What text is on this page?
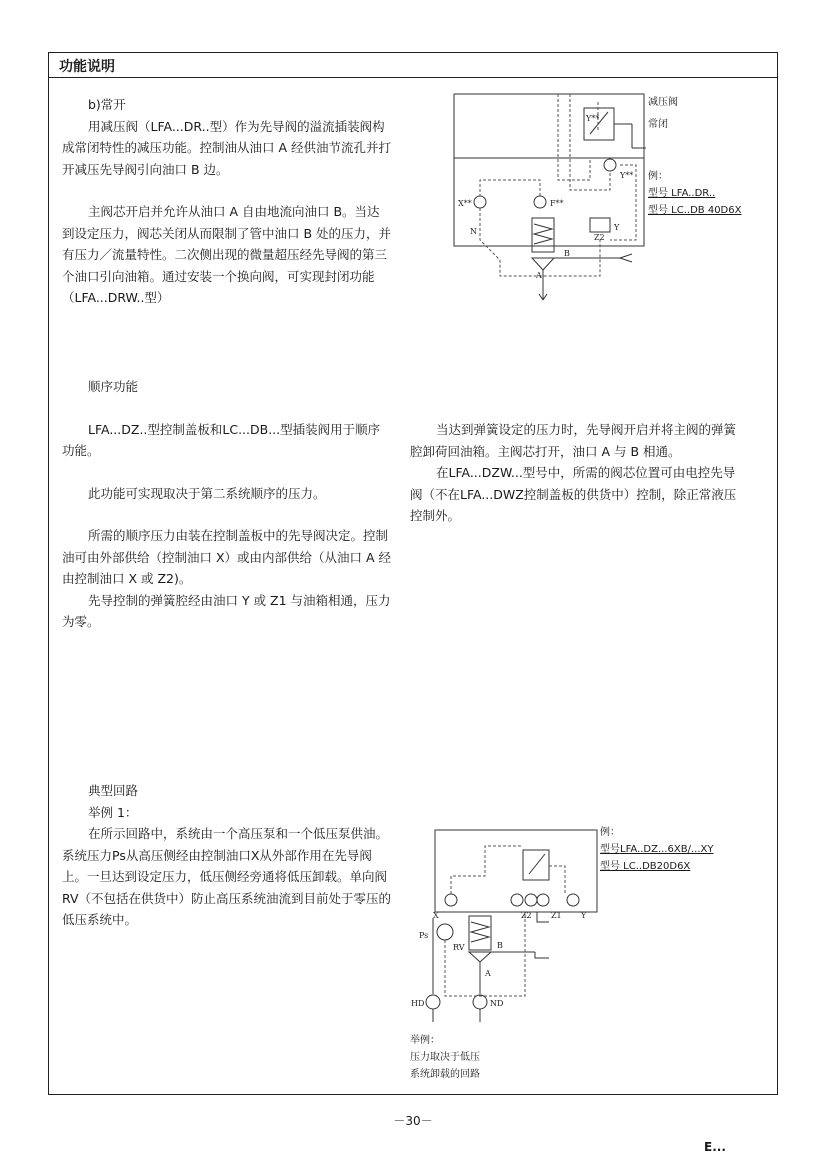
功能说明

b)常开

用减压阀（LFA...DR..型）作为先导阀的溢流插装阀构成常闭特性的减压功能。控制油从油口 A 经供油节流孔并打开减压先导阀引向油口 B 边。

主阀芯开启并允许从油口 A 自由地流向油口 B。当达到设定压力，阀芯关闭从而限制了管中油口 B 处的压力，并有压力／流量特性。二次侧出现的微量超压经先导阀的第三个油口引向油箱。通过安装一个换向阀，可实现封闭功能（LFA...DRW..型）

Y**
X**	F**
Y**
N
Z2
Y
A
B
减压阀
常闭
例：
型号 LFA..DR..
型号 LC..DB 40D6X

顺序功能

LFA...DZ..型控制盖板和LC...DB...型插装阀用于顺序功能。

此功能可实现取决于第二系统顺序的压力。

所需的顺序压力由装在控制盖板中的先导阀决定。控制油可由外部供给（控制油口 X）或由内部供给（从油口 A 经由控制油口 X 或 Z2)。

先导控制的弹簧腔经由油口 Y 或 Z1 与油箱相通，压力为零。

当达到弹簧设定的压力时，先导阀开启并将主阀的弹簧腔卸荷回油箱。主阀芯打开，油口 A 与 B 相通。

在LFA...DZW...型号中，所需的阀芯位置可由电控先导阀（不在LFA...DWZ控制盖板的供货中）控制，除正常液压控制外。

典型回路

举例 1：

在所示回路中，系统由一个高压泵和一个低压泵供油。系统压力Ps从高压侧经由控制油口X从外部作用在先导阀上。一旦达到设定压力，低压侧经旁通将低压卸载。单向阀 RV（不包括在供货中）防止高压系统油流到目前处于零压的低压系统中。	X
Ps
RV	B
A
HD	ND
Z2 Z1 Y
例：
型号LFA..DZ...6XB/...XY
型号 LC..DB20D6X
举例：
压力取决于低压
系统卸载的回路
－30－
E...
